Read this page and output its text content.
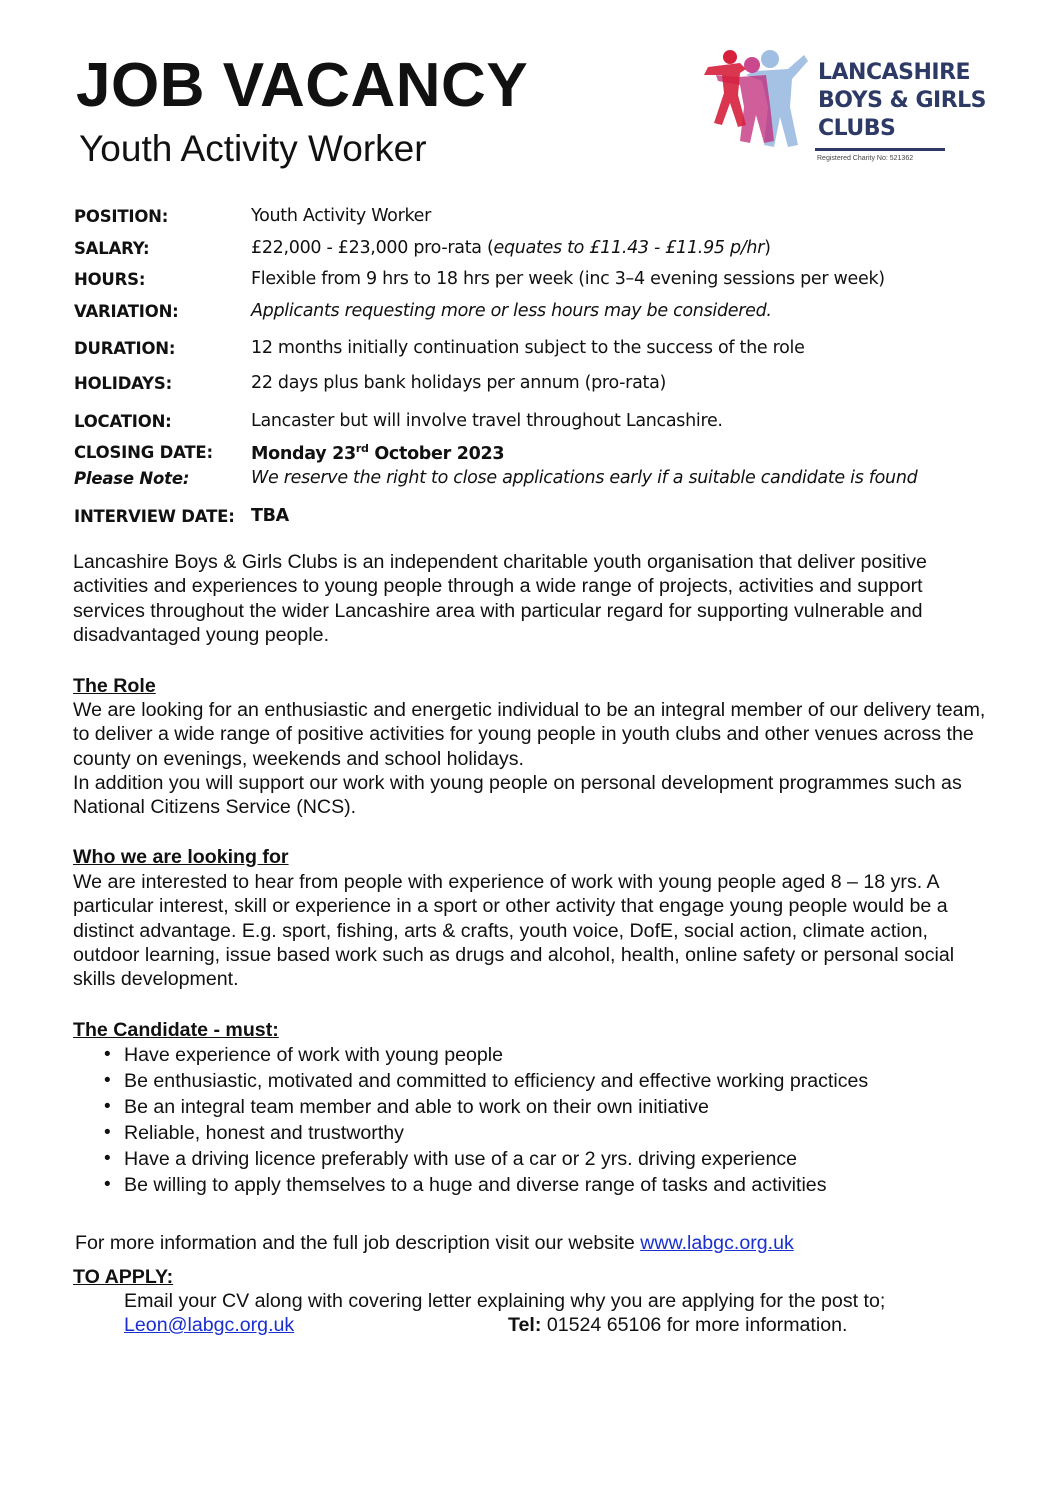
JOB VACANCY
Youth Activity Worker
LANCASHIRE
BOYS & GIRLS
CLUBS
Registered Charity No: 521362
POSITION:	Youth Activity Worker
SALARY:	£22,000 - £23,000 pro-rata (equates to £11.43 - £11.95 p/hr)
HOURS:	Flexible from 9 hrs to 18 hrs per week (inc 3–4 evening sessions per week)
VARIATION:	Applicants requesting more or less hours may be considered.
DURATION:	12 months initially continuation subject to the success of the role
HOLIDAYS:	22 days plus bank holidays per annum (pro-rata)
LOCATION:	Lancaster but will involve travel throughout Lancashire.
CLOSING DATE: Monday 23rd October 2023
Please Note:	We reserve the right to close applications early if a suitable candidate is found
INTERVIEW DATE: TBA

Lancashire Boys & Girls Clubs is an independent charitable youth organisation that deliver positive activities and experiences to young people through a wide range of projects, activities and support services throughout the wider Lancashire area with particular regard for supporting vulnerable and disadvantaged young people.

The Role

We are looking for an enthusiastic and energetic individual to be an integral member of our delivery team, to deliver a wide range of positive activities for young people in youth clubs and other venues across the county on evenings, weekends and school holidays.

In addition you will support our work with young people on personal development programmes such as National Citizens Service (NCS).

Who we are looking for

We are interested to hear from people with experience of work with young people aged 8 – 18 yrs. A particular interest, skill or experience in a sport or other activity that engage young people would be a distinct advantage. E.g. sport, fishing, arts & crafts, youth voice, DofE, social action, climate action, outdoor learning, issue based work such as drugs and alcohol, health, online safety or personal social skills development.

The Candidate - must:
• Have experience of work with young people
• Be enthusiastic, motivated and committed to efficiency and effective working practices
• Be an integral team member and able to work on their own initiative
• Reliable, honest and trustworthy
• Have a driving licence preferably with use of a car or 2 yrs. driving experience
• Be willing to apply themselves to a huge and diverse range of tasks and activities
For more information and the full job description visit our website www.labgc.org.uk
TO APPLY:
Email your CV along with covering letter explaining why you are applying for the post to;
Leon@labgc.org.uk	Tel: 01524 65106 for more information.
